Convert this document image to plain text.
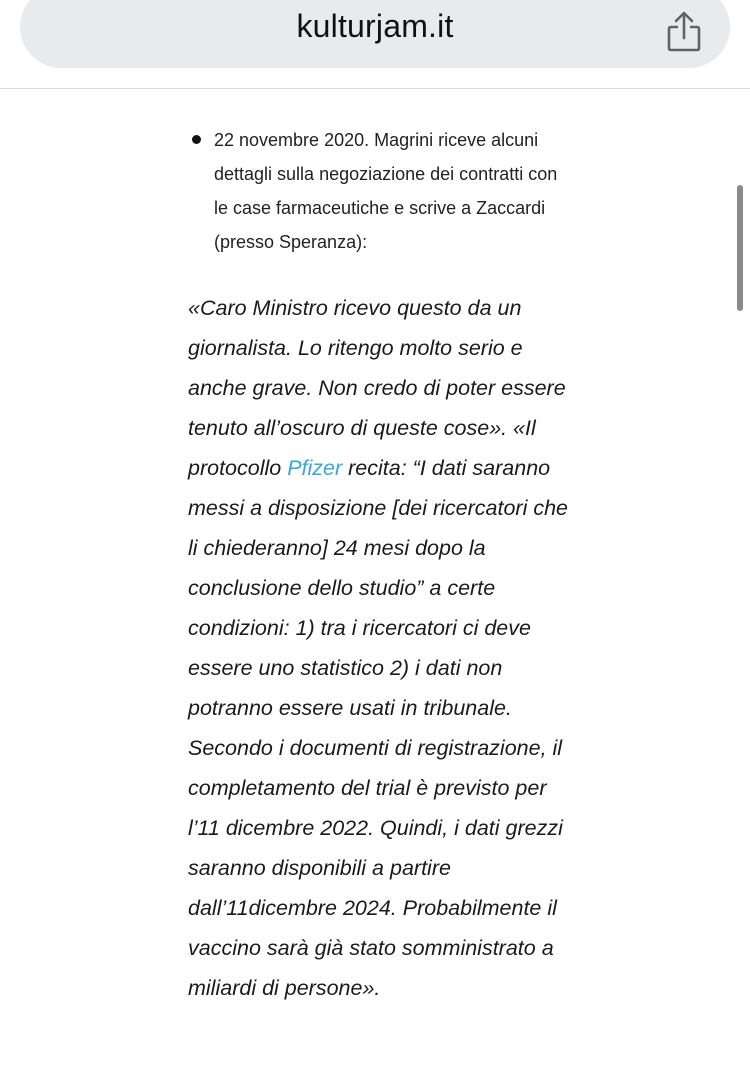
kulturjam.it
22 novembre 2020. Magrini riceve alcuni dettagli sulla negoziazione dei contratti con le case farmaceutiche e scrive a Zaccardi (presso Speranza):

«Caro Ministro ricevo questo da un giornalista. Lo ritengo molto serio e anche grave. Non credo di poter essere tenuto all’oscuro di queste cose». «Il protocollo Pfizer recita: “I dati saranno messi a disposizione [dei ricercatori che li chiederanno] 24 mesi dopo la conclusione dello studio” a certe condizioni: 1) tra i ricercatori ci deve essere uno statistico 2) i dati non potranno essere usati in tribunale. Secondo i documenti di registrazione, il completamento del trial è previsto per l’11 dicembre 2022. Quindi, i dati grezzi saranno disponibili a partire dall’11dicembre 2024. Probabilmente il vaccino sarà già stato somministrato a miliardi di persone».
